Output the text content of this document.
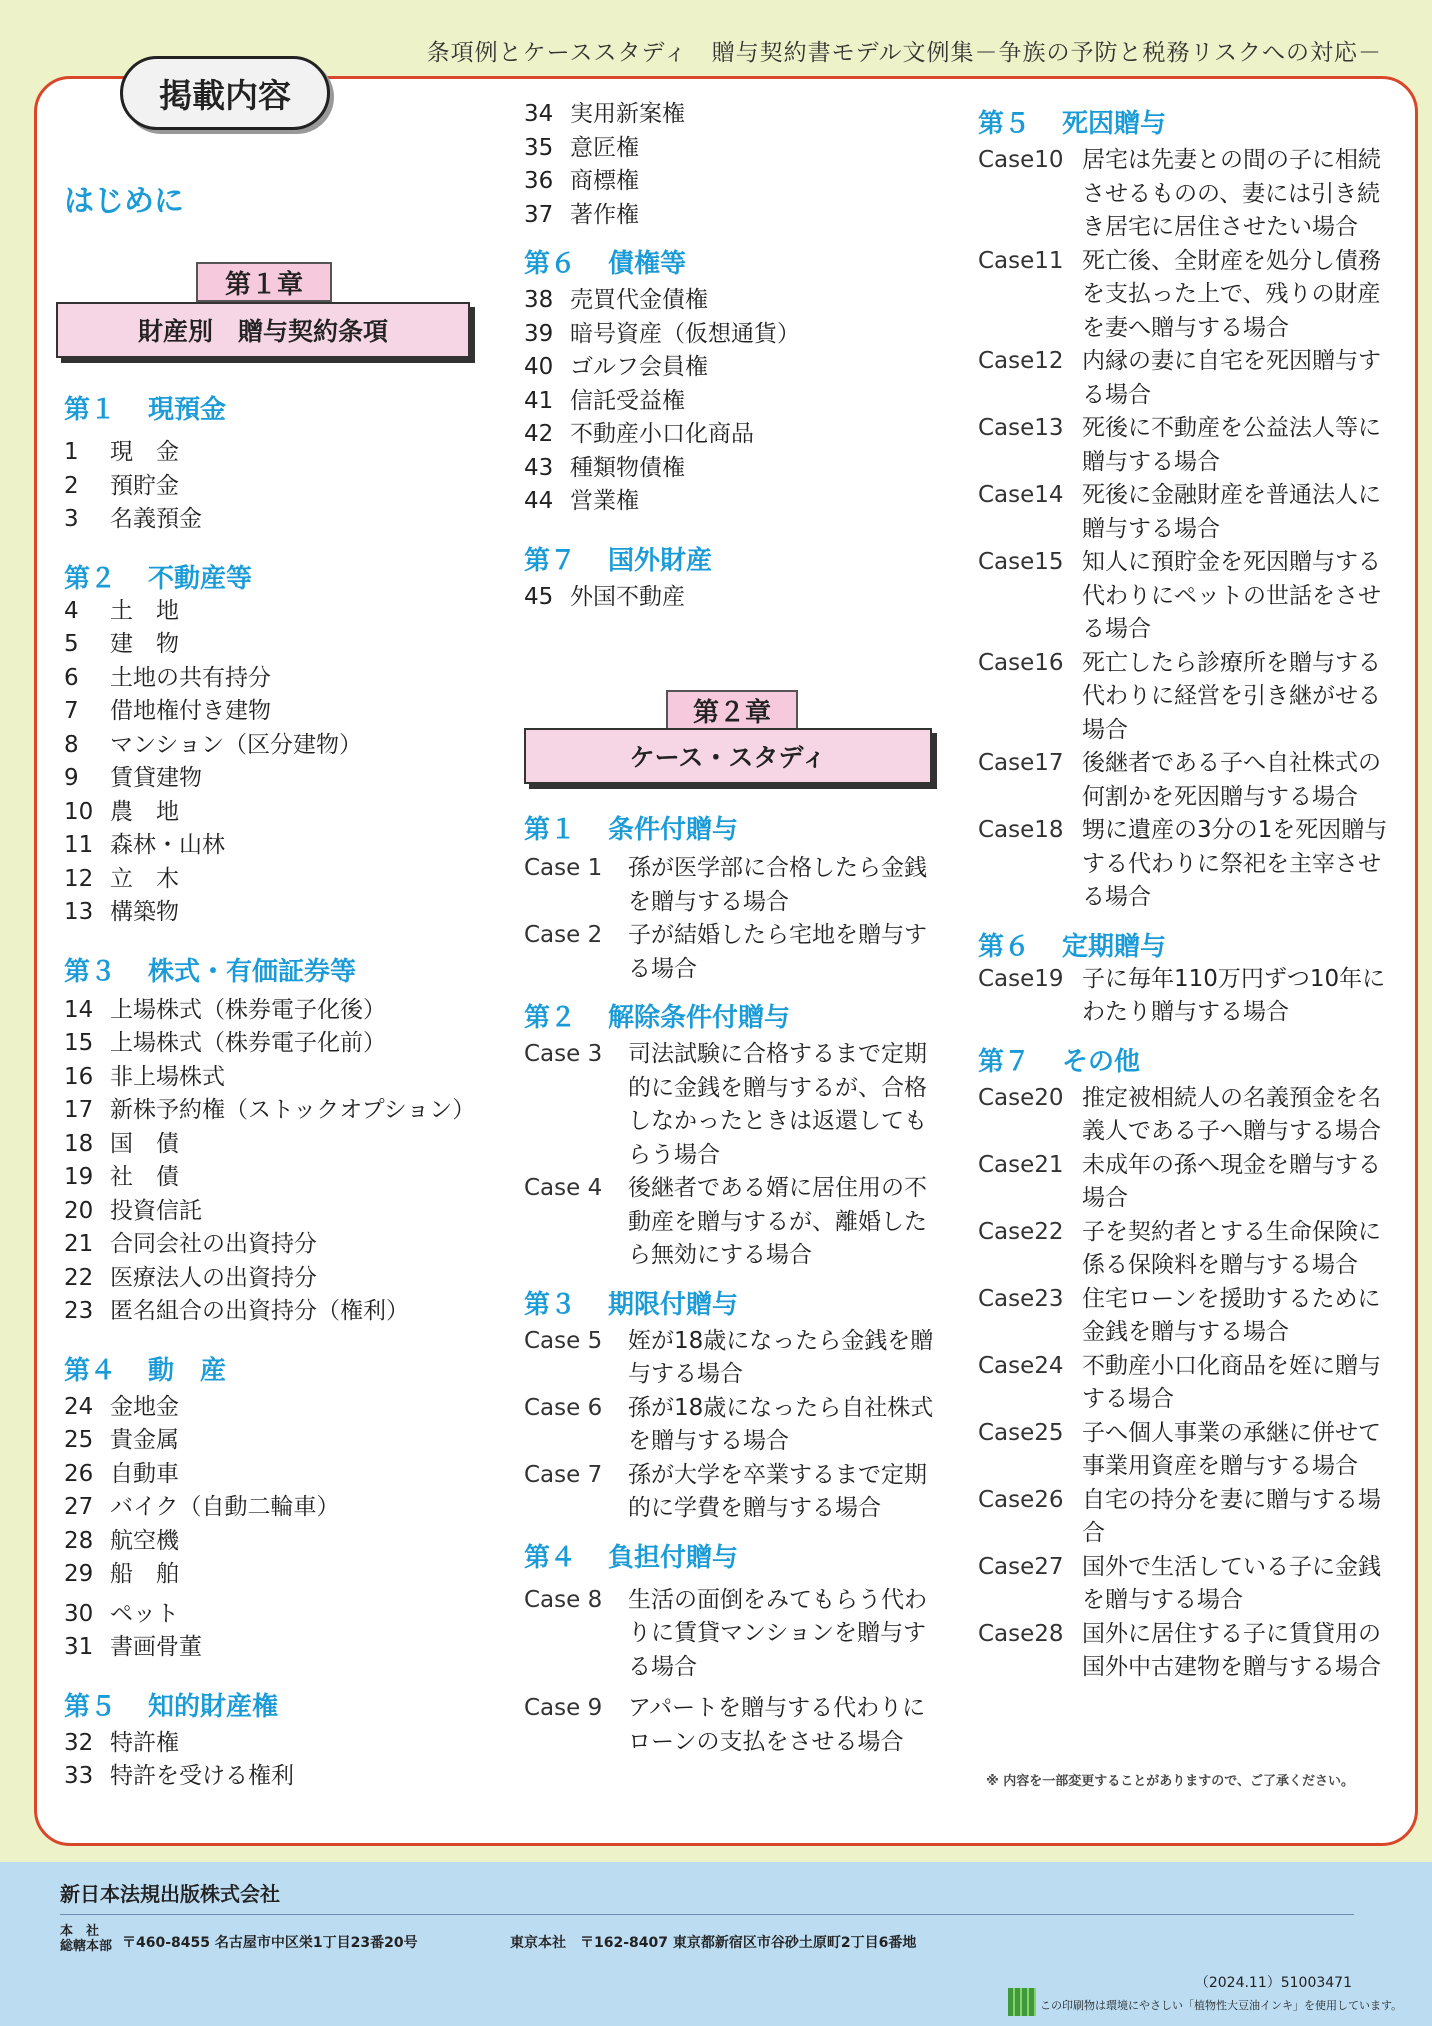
条項例とケーススタディ　贈与契約書モデル文例集－争族の予防と税務リスクへの対応－
掲載内容
はじめに
第１章
財産別　贈与契約条項
第２章
ケース・スタディ
第１	現預金
1	現　金
2	預貯金
3	名義預金
第２	不動産等
4	土　地
5	建　物
6	土地の共有持分
7	借地権付き建物
8	マンション（区分建物）
9	賃貸建物
10 農　地
11 森林・山林
12 立　木
13 構築物
第３	株式・有価証券等
14 上場株式（株券電子化後）
15 上場株式（株券電子化前）
16 非上場株式
17 新株予約権（ストックオプション）
18 国　債
19 社　債
20 投資信託
21 合同会社の出資持分
22 医療法人の出資持分
23 匿名組合の出資持分（権利）
第４	動　産
24 金地金
25 貴金属
26 自動車
27 バイク（自動二輪車）
28 航空機
29 船　舶
30 ペット
31 書画骨董
第５	知的財産権
32 特許権
33 特許を受ける権利
34 実用新案権
35 意匠権
36 商標権
37 著作権
第６	債権等
38 売買代金債権
39 暗号資産（仮想通貨）
40 ゴルフ会員権
41 信託受益権
42 不動産小口化商品
43 種類物債権
44 営業権
第７	国外財産
45 外国不動産
第１	条件付贈与
Case 1	孫が医学部に合格したら金銭を贈与する場合
Case 2	子が結婚したら宅地を贈与する場合
第２	解除条件付贈与
Case 3	司法試験に合格するまで定期的に金銭を贈与するが、合格しなかったときは返還してもらう場合
Case 4	後継者である婿に居住用の不動産を贈与するが、離婚したら無効にする場合
第３	期限付贈与
Case 5	姪が18歳になったら金銭を贈与する場合
Case 6	孫が18歳になったら自社株式を贈与する場合
Case 7	孫が大学を卒業するまで定期的に学費を贈与する場合
第４	負担付贈与
Case 8	生活の面倒をみてもらう代わりに賃貸マンションを贈与する場合
Case 9	アパートを贈与する代わりにローンの支払をさせる場合
第５	死因贈与
Case10 居宅は先妻との間の子に相続させるものの、妻には引き続き居宅に居住させたい場合
Case11 死亡後、全財産を処分し債務を支払った上で、残りの財産を妻へ贈与する場合
Case12 内縁の妻に自宅を死因贈与する場合
Case13 死後に不動産を公益法人等に贈与する場合
Case14 死後に金融財産を普通法人に贈与する場合
Case15 知人に預貯金を死因贈与する代わりにペットの世話をさせる場合
Case16 死亡したら診療所を贈与する代わりに経営を引き継がせる場合
Case17 後継者である子へ自社株式の何割かを死因贈与する場合
Case18 甥に遺産の3分の1を死因贈与する代わりに祭祀を主宰させる場合
第６	定期贈与
Case19 子に毎年110万円ずつ10年にわたり贈与する場合
第７	その他
Case20 推定被相続人の名義預金を名義人である子へ贈与する場合
Case21 未成年の孫へ現金を贈与する場合
Case22 子を契約者とする生命保険に係る保険料を贈与する場合
Case23 住宅ローンを援助するために金銭を贈与する場合
Case24 不動産小口化商品を姪に贈与する場合
Case25 子へ個人事業の承継に併せて事業用資産を贈与する場合
Case26 自宅の持分を妻に贈与する場合
Case27 国外で生活している子に金銭を贈与する場合
Case28 国外に居住する子に賃貸用の国外中古建物を贈与する場合
※ 内容を一部変更することがありますので、ご了承ください。
新日本法規出版株式会社
本　社
総轄本部 〒460-8455 名古屋市中区栄1丁目23番20号	東京本社　〒162-8407 東京都新宿区市谷砂土原町2丁目6番地
（2024.11）51003471
この印刷物は環境にやさしい「植物性大豆油インキ」を使用しています。
